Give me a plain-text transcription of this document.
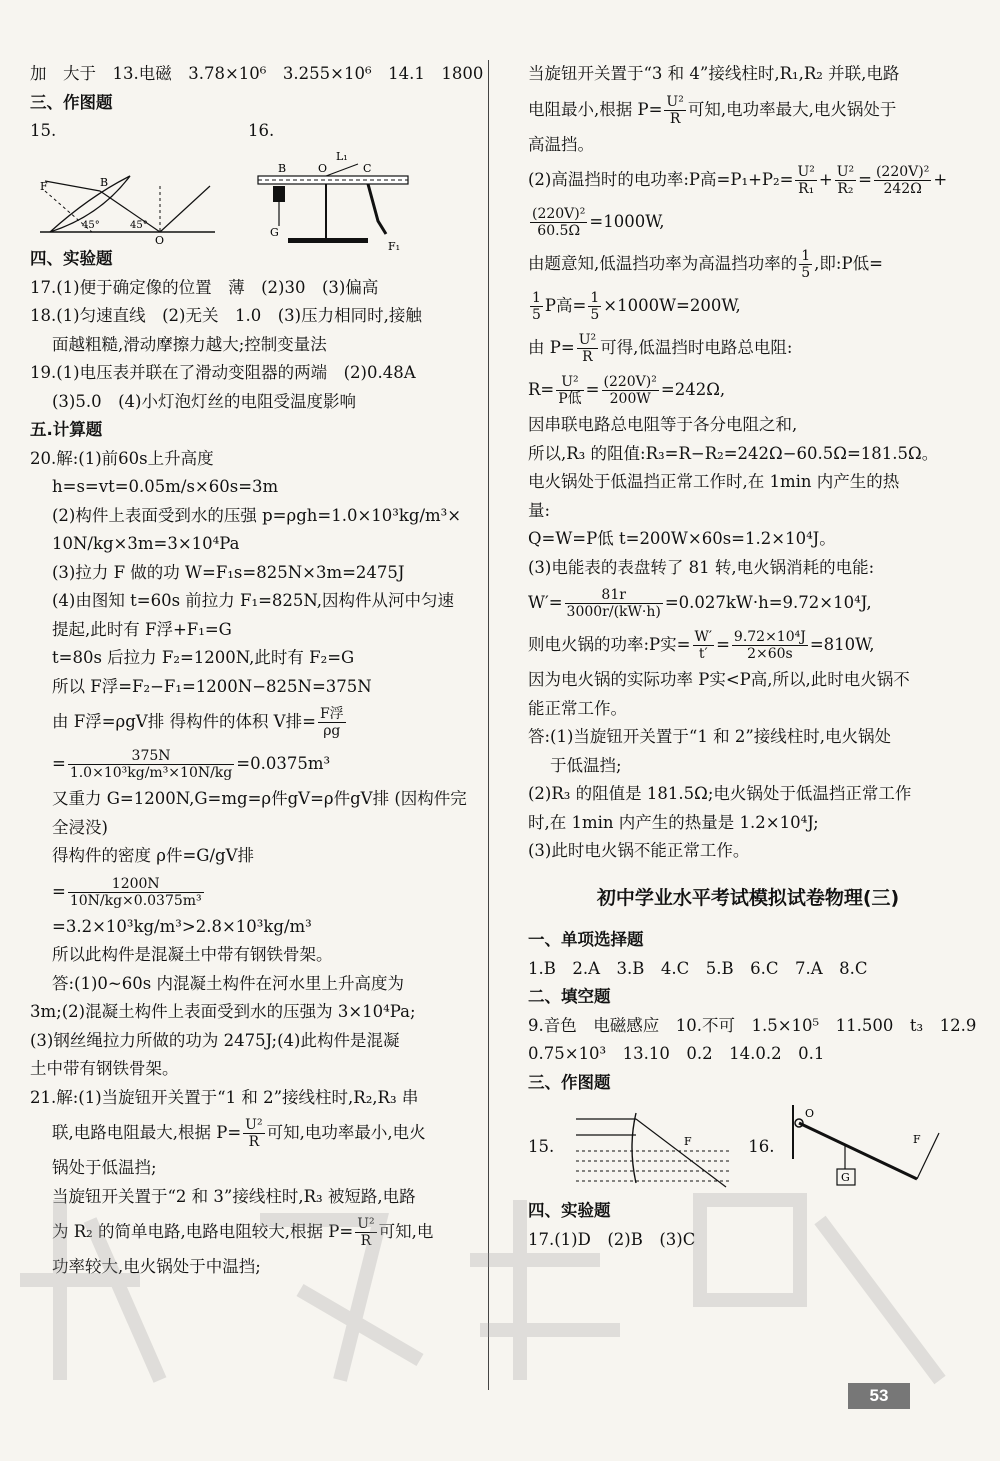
加　大于　13.电磁　3.78×10⁶　3.255×10⁶　14.1　1800
三、作图题
15.
F	B
O
45°	45°
16.
B	O
L₁
C
G
F₁
四、实验题
17.(1)便于确定像的位置　薄　(2)30　(3)偏高
18.(1)匀速直线　(2)无关　1.0　(3)压力相同时,接触
面越粗糙,滑动摩擦力越大;控制变量法
19.(1)电压表并联在了滑动变阻器的两端　(2)0.48A
(3)5.0　(4)小灯泡灯丝的电阻受温度影响
五.计算题
20.解:(1)前60s上升高度
h=s=vt=0.05m/s×60s=3m
(2)构件上表面受到水的压强 p=ρgh=1.0×10³kg/m³×
10N/kg×3m=3×10⁴Pa
(3)拉力 F 做的功 W=F₁s=825N×3m=2475J
(4)由图知 t=60s 前拉力 F₁=825N,因构件从河中匀速
提起,此时有 F浮+F₁=G
t=80s 后拉力 F₂=1200N,此时有 F₂=G
所以 F浮=F₂−F₁=1200N−825N=375N
由 F浮=ρgV排 得构件的体积 V排= $\frac{\text{F浮}}{\rho g}$
= $\frac{375N}{\text{1.0×10³kg/m³×10N/kg}} =0.0375m^3$
又重力 G=1200N,G=mg=ρ件gV=ρ件gV排 (因构件完
全浸没)
得构件的密度 ρ件=G/gV排
= $\frac{1200N}{\text{10N/kg×0.0375m³}}$
=3.2×10³kg/m³>2.8×10³kg/m³
所以此构件是混凝土中带有钢铁骨架。
答:(1)0~60s 内混凝土构件在河水里上升高度为
3m;(2)混凝土构件上表面受到水的压强为 3×10⁴Pa;
(3)钢丝绳拉力所做的功为 2475J;(4)此构件是混凝
土中带有钢铁骨架。
21.解:(1)当旋钮开关置于“1 和 2”接线柱时,R₂,R₃ 串
联,电路电阻最大,根据 $P= \frac{\text{U²}}{R}$ 可知,电功率最小,电火
锅处于低温挡;
当旋钮开关置于“2 和 3”接线柱时,R₃ 被短路,电路
为 R₂ 的简单电路,电路电阻较大,根据 $P= \frac{\text{U²}}{R}$ 可知,电
功率较大,电火锅处于中温挡;
当旋钮开关置于“3 和 4”接线柱时,R₁,R₂ 并联,电路
电阻最小,根据 $P= \frac{\text{U²}}{R}$ 可知,电功率最大,电火锅处于
高温挡。
(2)高温挡时的电功率:P高$=P_1+P_2= \frac{\text{U²}}{\text{R₁}} + \frac{\text{U²}}{\text{R₂}} = \frac{\text{(220V)²}}{242\Omega}$ +
$\frac{\text{(220V)²}}{60.5\Omega} =1000W$,
由题意知,低温挡功率为高温挡功率的 $\frac{1}{5}$ ,即:P低=
$\frac{1}{5}$ P高= $\frac{1}{5} \times 1000W=200W$,
由 $P= \frac{\text{U²}}{R}$ 可得,低温挡时电路总电阻:
$R= \frac{\text{U²}}{\text{P低}} = \frac{\text{(220V)²}}{200W} =242\Omega$,
因串联电路总电阻等于各分电阻之和,
所以,R₃ 的阻值:R₃=R−R₂=242Ω−60.5Ω=181.5Ω。
电火锅处于低温挡正常工作时,在 1min 内产生的热
量:
Q=W=P低 t=200W×60s=1.2×10⁴J。
(3)电能表的表盘转了 81 转,电火锅消耗的电能:
$W'= \frac{81r}{3000r/(kW\cdot h)} =0.027kW\cdot h=9.72\times 10^4J$,
则电火锅的功率:P实= $\frac{W'}{t'} = \frac{\text{9.72×10⁴J}}{2\times 60s} =810W$,
因为电火锅的实际功率 P实<P高,所以,此时电火锅不
能正常工作。
答:(1)当旋钮开关置于“1 和 2”接线柱时,电火锅处
于低温挡;
(2)R₃ 的阻值是 181.5Ω;电火锅处于低温挡正常工作
时,在 1min 内产生的热量是 1.2×10⁴J;
(3)此时电火锅不能正常工作。
初中学业水平考试模拟试卷物理(三)
一、单项选择题
1.B　2.A　3.B　4.C　5.B　6.C　7.A　8.C
二、填空题
9.音色　电磁感应　10.不可　1.5×10⁵　11.500　t₃　12.9
0.75×10³　13.10　0.2　14.0.2　0.1
三、作图题
15.	F	16.
O
G
F
四、实验题
17.(1)D　(2)B　(3)C
53
